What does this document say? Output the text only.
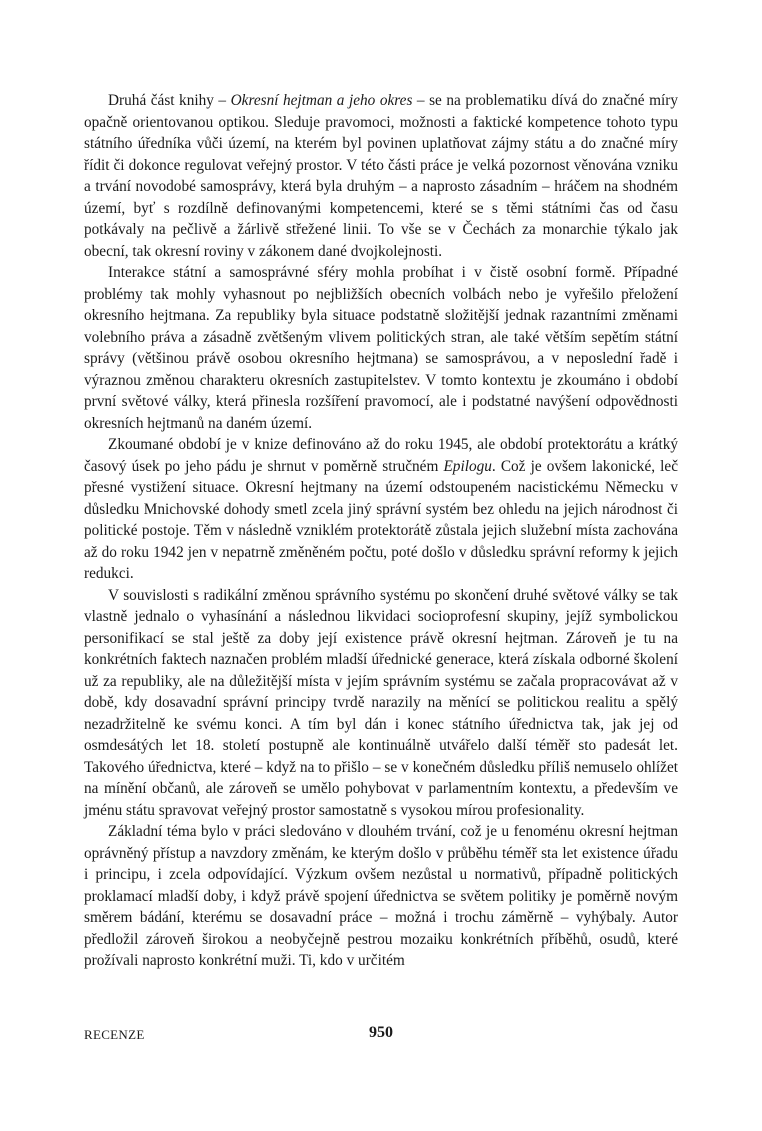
Druhá část knihy – Okresní hejtman a jeho okres – se na problematiku dívá do značné míry opačně orientovanou optikou. Sleduje pravomoci, možnosti a faktické kompetence tohoto typu státního úředníka vůči území, na kterém byl povinen uplatňovat zájmy státu a do značné míry řídit či dokonce regulovat veřejný prostor. V této části práce je velká pozornost věnována vzniku a trvání novodobé samosprávy, která byla druhým – a naprosto zásadním – hráčem na shodném území, byť s rozdílně definovanými kompetencemi, které se s těmi státními čas od času potkávaly na pečlivě a žárlivě střežené linii. To vše se v Čechách za monarchie týkalo jak obecní, tak okresní roviny v zákonem dané dvojkolejnosti.

Interakce státní a samosprávné sféry mohla probíhat i v čistě osobní formě. Případné problémy tak mohly vyhasnout po nejbližších obecních volbách nebo je vyřešilo přeložení okresního hejtmana. Za republiky byla situace podstatně složitější jednak razantními změnami volebního práva a zásadně zvětšeným vlivem politických stran, ale také větším sepětím státní správy (většinou právě osobou okresního hejtmana) se samosprávou, a v neposlední řadě i výraznou změnou charakteru okresních zastupitelstev. V tomto kontextu je zkoumáno i období první světové války, která přinesla rozšíření pravomocí, ale i podstatné navýšení odpovědnosti okresních hejtmanů na daném území.

Zkoumané období je v knize definováno až do roku 1945, ale období protektorátu a krátký časový úsek po jeho pádu je shrnut v poměrně stručném Epilogu. Což je ovšem lakonické, leč přesné vystižení situace. Okresní hejtmany na území odstoupeném nacistickému Německu v důsledku Mnichovské dohody smetl zcela jiný správní systém bez ohledu na jejich národnost či politické postoje. Těm v následně vzniklém protektorátě zůstala jejich služební místa zachována až do roku 1942 jen v nepatrně změněném počtu, poté došlo v důsledku správní reformy k jejich redukci.

V souvislosti s radikální změnou správního systému po skončení druhé světové války se tak vlastně jednalo o vyhasínání a následnou likvidaci socioprofesní skupiny, jejíž symbolickou personifikací se stal ještě za doby její existence právě okresní hejtman. Zároveň je tu na konkrétních faktech naznačen problém mladší úřednické generace, která získala odborné školení už za republiky, ale na důležitější místa v jejím správním systému se začala propracovávat až v době, kdy dosavadní správní principy tvrdě narazily na měnící se politickou realitu a spělý nezadržitelně ke svému konci. A tím byl dán i konec státního úřednictva tak, jak jej od osmdesátých let 18. století postupně ale kontinuálně utvářelo další téměř sto padesát let. Takového úřednictva, které – když na to přišlo – se v konečném důsledku příliš nemuselo ohlížet na mínění občanů, ale zároveň se umělo pohybovat v parlamentním kontextu, a především ve jménu státu spravovat veřejný prostor samostatně s vysokou mírou profesionality.

Základní téma bylo v práci sledováno v dlouhém trvání, což je u fenoménu okresní hejtman oprávněný přístup a navzdory změnám, ke kterým došlo v průběhu téměř sta let existence úřadu i principu, i zcela odpovídající. Výzkum ovšem nezůstal u normativů, případně politických proklamací mladší doby, i když právě spojení úřednictva se světem politiky je poměrně novým směrem bádání, kterému se dosavadní práce – možná i trochu záměrně – vyhýbaly. Autor předložil zároveň širokou a neobyčejně pestrou mozaiku konkrétních příběhů, osudů, které prožívali naprosto konkrétní muži. Ti, kdo v určitém

RECENZE	950
